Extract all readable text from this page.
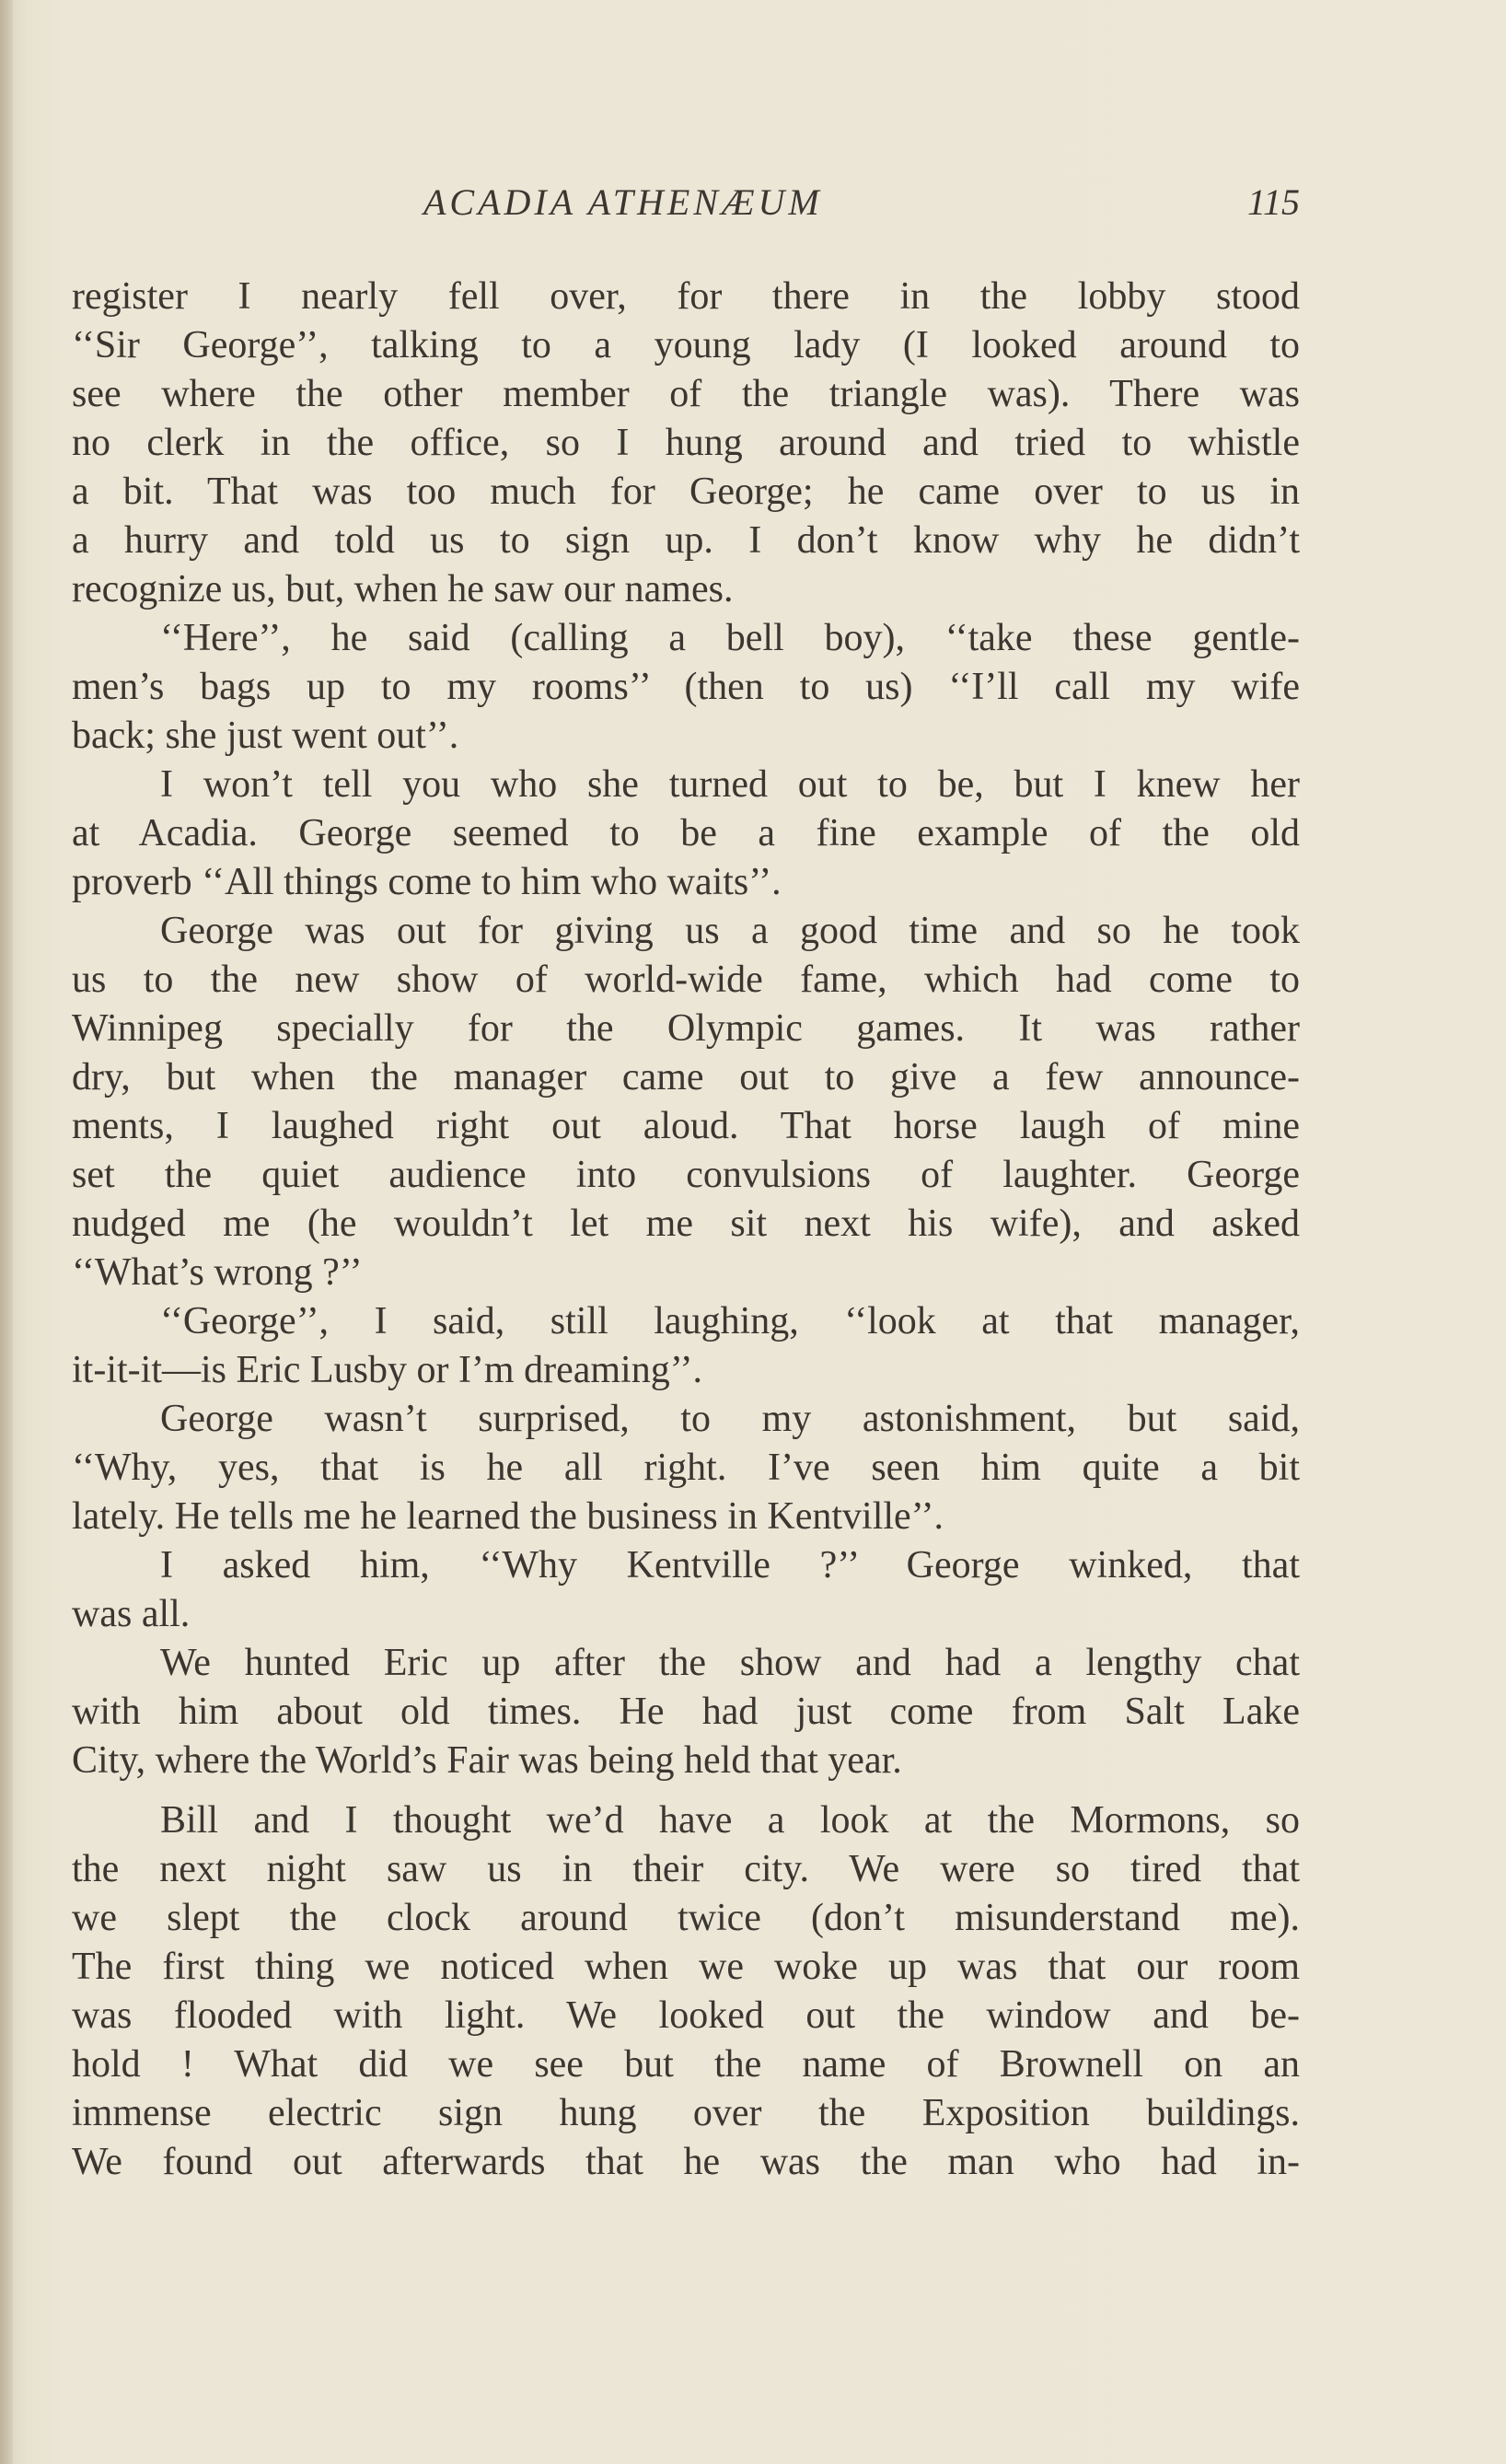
ACADIA ATHENÆUM	115
register I nearly fell over, for there in the lobby stood
‘‘Sir George’’, talking to a young lady (I looked around to
see where the other member of the triangle was). There was
no clerk in the office, so I hung around and tried to whistle
a bit. That was too much for George; he came over to us in
a hurry and told us to sign up. I don’t know why he didn’t
recognize us, but, when he saw our names.
‘‘Here’’, he said (calling a bell boy), ‘‘take these gentle-
men’s bags up to my rooms’’ (then to us) ‘‘I’ll call my wife
back; she just went out’’.
I won’t tell you who she turned out to be, but I knew her
at Acadia. George seemed to be a fine example of the old
proverb ‘‘All things come to him who waits’’.
George was out for giving us a good time and so he took
us to the new show of world-wide fame, which had come to
Winnipeg specially for the Olympic games. It was rather
dry, but when the manager came out to give a few announce-
ments, I laughed right out aloud. That horse laugh of mine
set the quiet audience into convulsions of laughter. George
nudged me (he wouldn’t let me sit next his wife), and asked
‘‘What’s wrong ?’’
‘‘George’’, I said, still laughing, ‘‘look at that manager,
it-it-it—is Eric Lusby or I’m dreaming’’.
George wasn’t surprised, to my astonishment, but said,
‘‘Why, yes, that is he all right. I’ve seen him quite a bit
lately. He tells me he learned the business in Kentville’’.
I asked him, ‘‘Why Kentville ?’’ George winked, that
was all.
We hunted Eric up after the show and had a lengthy chat
with him about old times. He had just come from Salt Lake
City, where the World’s Fair was being held that year.
Bill and I thought we’d have a look at the Mormons, so
the next night saw us in their city. We were so tired that
we slept the clock around twice (don’t misunderstand me).
The first thing we noticed when we woke up was that our room
was flooded with light. We looked out the window and be-
hold ! What did we see but the name of Brownell on an
immense electric sign hung over the Exposition buildings.
We found out afterwards that he was the man who had in-
